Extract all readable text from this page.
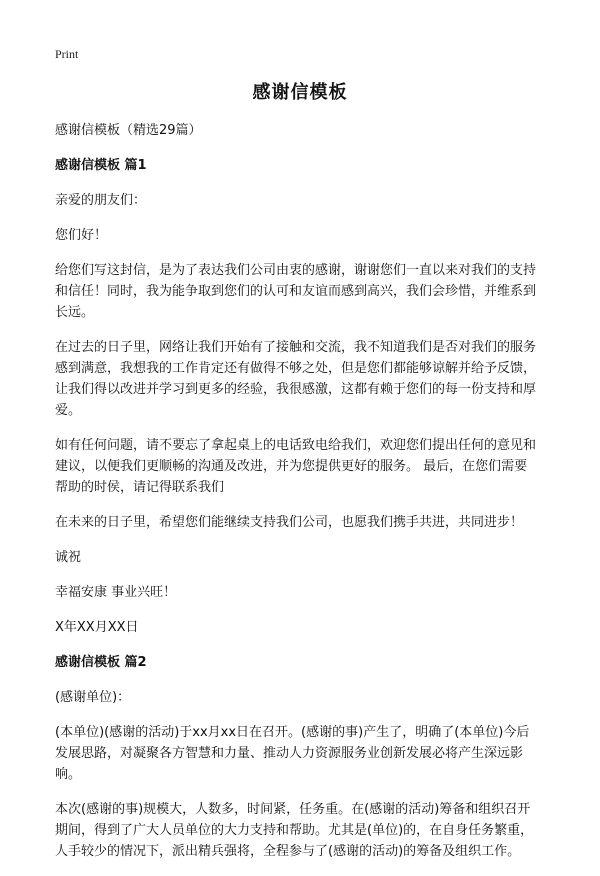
Print
感谢信模板

感谢信模板（精选29篇）

感谢信模板 篇1

亲爱的朋友们：

您们好！

给您们写这封信，是为了表达我们公司由衷的感谢，谢谢您们一直以来对我们的支持和信任！同时，我为能争取到您们的认可和友谊而感到高兴，我们会珍惜，并维系到长远。

在过去的日子里，网络让我们开始有了接触和交流，我不知道我们是否对我们的服务感到满意，我想我的工作肯定还有做得不够之处，但是您们都能够谅解并给予反馈，让我们得以改进并学习到更多的经验，我很感激，这都有赖于您们的每一份支持和厚爱。

如有任何问题，请不要忘了拿起桌上的电话致电给我们，欢迎您们提出任何的意见和建议，以便我们更顺畅的沟通及改进，并为您提供更好的服务。 最后，在您们需要帮助的时侯，请记得联系我们

在未来的日子里，希望您们能继续支持我们公司，也愿我们携手共进，共同进步！

诚祝

幸福安康 事业兴旺！

X年XX月XX日

感谢信模板 篇2

(感谢单位)：

(本单位)(感谢的活动)于xx月xx日在召开。(感谢的事)产生了，明确了(本单位)今后发展思路，对凝聚各方智慧和力量、推动人力资源服务业创新发展必将产生深远影响。

本次(感谢的事)规模大，人数多，时间紧，任务重。在(感谢的活动)筹备和组织召开期间，得到了广大人员单位的大力支持和帮助。尤其是(单位)的，在自身任务繁重，人手较少的情况下，派出精兵强将，全程参与了(感谢的活动)的筹备及组织工作。
